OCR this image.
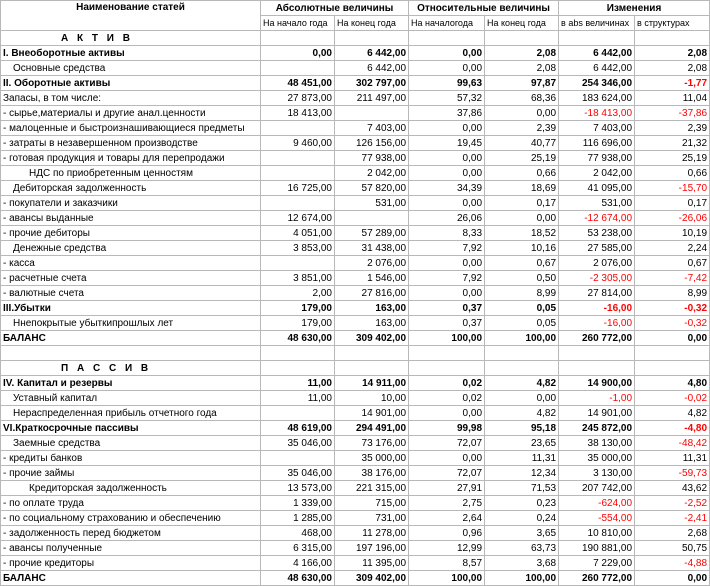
Наименование статей	Абсолютные величины		Относительные величины		Изменения	
	На начало года	На конец года	На началогода	На конец года	в abs величинах	в структурах
А К Т И В						
I. Внеоборотные активы	0,00	6 442,00	0,00	2,08	6 442,00	2,08
Основные средства		6 442,00	0,00	2,08	6 442,00	2,08
II. Оборотные активы	48 451,00	302 797,00	99,63	97,87	254 346,00	-1,77
Запасы, в том числе:	27 873,00	211 497,00	57,32	68,36	183 624,00	11,04
- сырье,материалы и другие анал.ценности	18 413,00		37,86	0,00	-18 413,00	-37,86
- малоценные и быстроизнашивающиеся предметы		7 403,00	0,00	2,39	7 403,00	2,39
- затраты в незавершенном производстве	9 460,00	126 156,00	19,45	40,77	116 696,00	21,32
- готовая продукция и товары для перепродажи		77 938,00	0,00	25,19	77 938,00	25,19
НДС по приобретенным ценностям		2 042,00	0,00	0,66	2 042,00	0,66
Дебиторская задолженность	16 725,00	57 820,00	34,39	18,69	41 095,00	-15,70
- покупатели и заказчики		531,00	0,00	0,17	531,00	0,17
- авансы выданные	12 674,00		26,06	0,00	-12 674,00	-26,06
- прочие дебиторы	4 051,00	57 289,00	8,33	18,52	53 238,00	10,19
Денежные средства	3 853,00	31 438,00	7,92	10,16	27 585,00	2,24
- касса		2 076,00	0,00	0,67	2 076,00	0,67
- расчетные счета	3 851,00	1 546,00	7,92	0,50	-2 305,00	-7,42
- валютные счета	2,00	27 816,00	0,00	8,99	27 814,00	8,99
III.Убытки	179,00	163,00	0,37	0,05	-16,00	-0,32
Ннепокрытые убыткипрошлых лет	179,00	163,00	0,37	0,05	-16,00	-0,32
БАЛАНС	48 630,00	309 402,00	100,00	100,00	260 772,00	0,00

П А С С И В						
IV. Капитал и резервы	11,00	14 911,00	0,02	4,82	14 900,00	4,80
Уставный капитал	11,00	10,00	0,02	0,00	-1,00	-0,02
Нераспределенная прибыль отчетного года		14 901,00	0,00	4,82	14 901,00	4,82
VI.Краткосрочные пассивы	48 619,00	294 491,00	99,98	95,18	245 872,00	-4,80
Заемные средства	35 046,00	73 176,00	72,07	23,65	38 130,00	-48,42
- кредиты банков		35 000,00	0,00	11,31	35 000,00	11,31
- прочие займы	35 046,00	38 176,00	72,07	12,34	3 130,00	-59,73
Кредиторская задолженность	13 573,00	221 315,00	27,91	71,53	207 742,00	43,62
- по оплате труда	1 339,00	715,00	2,75	0,23	-624,00	-2,52
- по социальному страхованию и обеспечению	1 285,00	731,00	2,64	0,24	-554,00	-2,41
- задолженность перед бюджетом	468,00	11 278,00	0,96	3,65	10 810,00	2,68
- авансы полученные	6 315,00	197 196,00	12,99	63,73	190 881,00	50,75
- прочие кредиторы	4 166,00	11 395,00	8,57	3,68	7 229,00	-4,88
БАЛАНС	48 630,00	309 402,00	100,00	100,00	260 772,00	0,00
